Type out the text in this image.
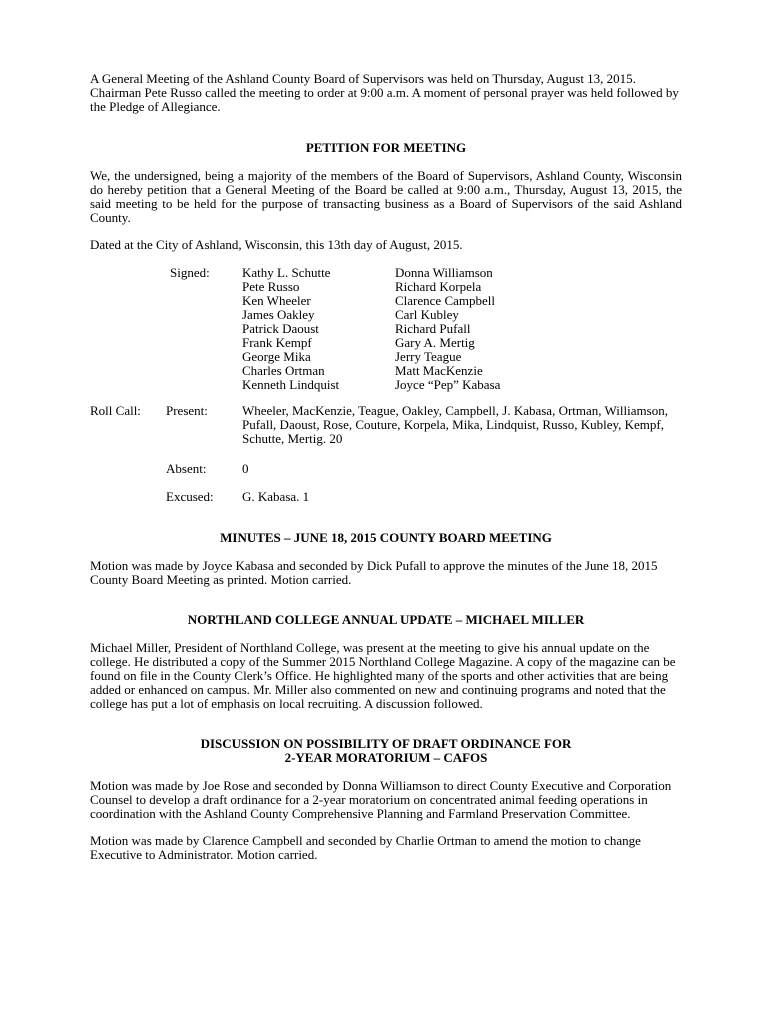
A General Meeting of the Ashland County Board of Supervisors was held on Thursday, August 13, 2015. Chairman Pete Russo called the meeting to order at 9:00 a.m. A moment of personal prayer was held followed by the Pledge of Allegiance.

PETITION FOR MEETING

We, the undersigned, being a majority of the members of the Board of Supervisors, Ashland County, Wisconsin do hereby petition that a General Meeting of the Board be called at 9:00 a.m., Thursday, August 13, 2015, the said meeting to be held for the purpose of transacting business as a Board of Supervisors of the said Ashland County.

Dated at the City of Ashland, Wisconsin, this 13th day of August, 2015.

Signed: Kathy L. Schutte
Pete Russo
Ken Wheeler
James Oakley
Patrick Daoust
Frank Kempf
George Mika
Charles Ortman
Kenneth Lindquist
Donna Williamson
Richard Korpela
Clarence Campbell
Carl Kubley
Richard Pufall
Gary A. Mertig
Jerry Teague
Matt MacKenzie
Joyce “Pep” Kabasa
Roll Call: Present:	Wheeler, MacKenzie, Teague, Oakley, Campbell, J. Kabasa, Ortman, Williamson, Pufall, Daoust, Rose, Couture, Korpela, Mika, Lindquist, Russo, Kubley, Kempf, Schutte, Mertig. 20
Absent:	0
Excused: G. Kabasa. 1

MINUTES – JUNE 18, 2015 COUNTY BOARD MEETING

Motion was made by Joyce Kabasa and seconded by Dick Pufall to approve the minutes of the June 18, 2015 County Board Meeting as printed. Motion carried.

NORTHLAND COLLEGE ANNUAL UPDATE – MICHAEL MILLER

Michael Miller, President of Northland College, was present at the meeting to give his annual update on the college. He distributed a copy of the Summer 2015 Northland College Magazine. A copy of the magazine can be found on file in the County Clerk’s Office. He highlighted many of the sports and other activities that are being added or enhanced on campus. Mr. Miller also commented on new and continuing programs and noted that the college has put a lot of emphasis on local recruiting. A discussion followed.

DISCUSSION ON POSSIBILITY OF DRAFT ORDINANCE FOR
2-YEAR MORATORIUM – CAFOS

Motion was made by Joe Rose and seconded by Donna Williamson to direct County Executive and Corporation Counsel to develop a draft ordinance for a 2-year moratorium on concentrated animal feeding operations in coordination with the Ashland County Comprehensive Planning and Farmland Preservation Committee.

Motion was made by Clarence Campbell and seconded by Charlie Ortman to amend the motion to change Executive to Administrator. Motion carried.
